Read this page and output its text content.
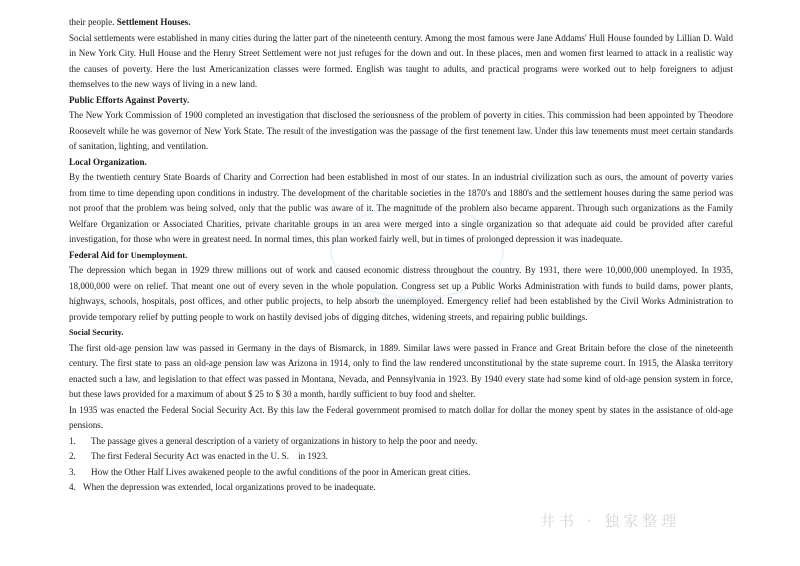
their people. Settlement Houses.

Social settlements were established in many cities during the latter part of the nineteenth century. Among the most famous were Jane Addams' Hull House founded by Lillian D. Wald in New York City. Hull House and the Henry Street Settlement were not just refuges for the down and out. In these places, men and women first learned to attack in a realistic way the causes of poverty. Here the lust Americanization classes were formed. English was taught to adults, and practical programs were worked out to help foreigners to adjust themselves to the new ways of living in a new land.

Public Efforts Against Poverty.

The New York Commission of 1900 completed an investigation that disclosed the seriousness of the problem of poverty in cities. This commission had been appointed by Theodore Roosevelt while he was governor of New York State. The result of the investigation was the passage of the first tenement law. Under this law tenements must meet certain standards of sanitation, lighting, and ventilation.

Local Organization.

By the twentieth century State Boards of Charity and Correction had been established in most of our states. In an industrial civilization such as ours, the amount of poverty varies from time to time depending upon conditions in industry. The development of the charitable societies in the 1870's and 1880's and the settlement houses during the same period was not proof that the problem was being solved, only that the public was aware of it. The magnitude of the problem also became apparent. Through such organizations as the Family Welfare Organization or Associated Charities, private charitable groups in an area were merged into a single organization so that adequate aid could be provided after careful investigation, for those who were in greatest need. In normal times, this plan worked fairly well, but in times of prolonged depression it was inadequate.

Federal Aid for Unemployment.

The depression which began in 1929 threw millions out of work and caused economic distress throughout the country. By 1931, there were 10,000,000 unemployed. In 1935, 18,000,000 were on relief. That meant one out of every seven in the whole population. Congress set up a Public Works Administration with funds to build dams, power plants, highways, schools, hospitals, post offices, and other public projects, to help absorb the unemployed. Emergency relief had been established by the Civil Works Administration to provide temporary relief by putting people to work on hastily devised jobs of digging ditches, widening streets, and repairing public buildings.

Social Security.

The first old-age pension law was passed in Germany in the days of Bismarck, in 1889. Similar laws were passed in France and Great Britain before the close of the nineteenth century. The first state to pass an old-age pension law was Arizona in 1914, only to find the law rendered unconstitutional by the state supreme court. In 1915, the Alaska territory enacted such a law, and legislation to that effect was passed in Montana, Nevada, and Pennsylvania in 1923. By 1940 every state had some kind of old-age pension system in force, but these laws provided for a maximum of about $ 25 to $ 30 a month, hardly sufficient to buy food and shelter.

In 1935 was enacted the Federal Social Security Act. By this law the Federal government promised to match dollar for dollar the money spent by states in the assistance of old-age pensions.

1. The passage gives a general description of a variety of organizations in history to help the poor and needy.

2. The first Federal Security Act was enacted in the U. S.    in 1923.

3. How the Other Half Lives awakened people to the awful conditions of the poor in American great cities.

4. When the depression was extended, local organizations proved to be inadequate.

井书 · 独家整理
